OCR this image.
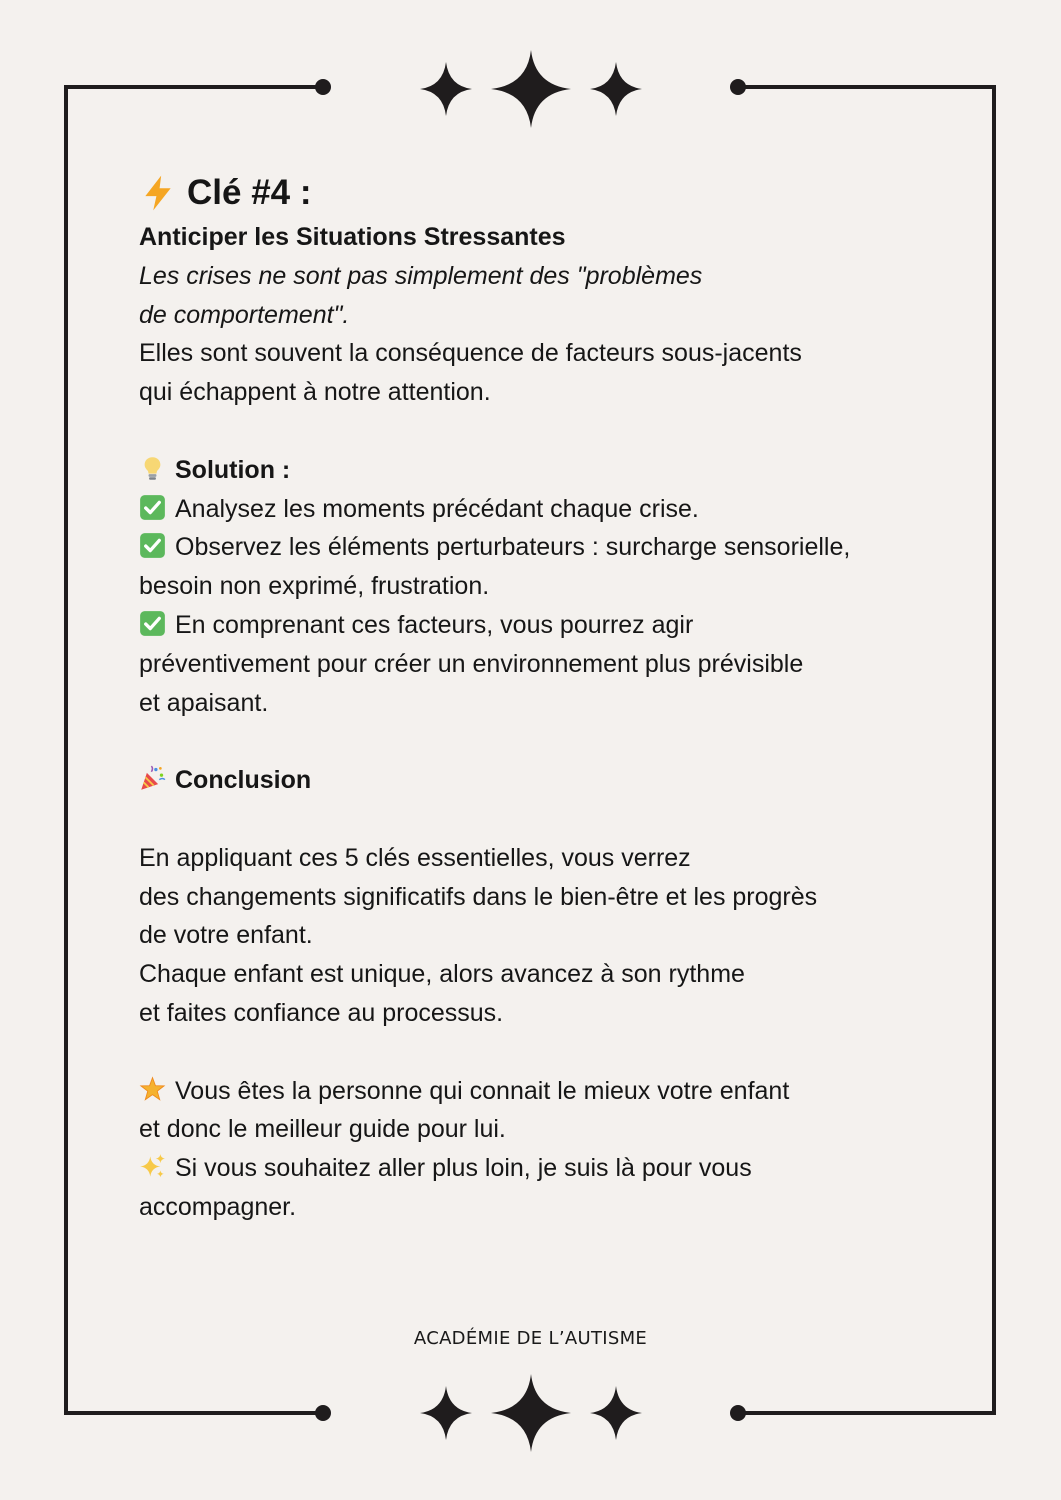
Clé #4 :

Anticiper les Situations Stressantes

Les crises ne sont pas simplement des "problèmes

de comportement".

Elles sont souvent la conséquence de facteurs sous-jacents

qui échappent à notre attention.

Solution :

Analysez les moments précédant chaque crise.

Observez les éléments perturbateurs : surcharge sensorielle,

besoin non exprimé, frustration.

En comprenant ces facteurs, vous pourrez agir

préventivement pour créer un environnement plus prévisible

et apaisant.

Conclusion

En appliquant ces 5 clés essentielles, vous verrez

des changements significatifs dans le bien-être et les progrès

de votre enfant.

Chaque enfant est unique, alors avancez à son rythme

et faites confiance au processus.

Vous êtes la personne qui connait le mieux votre enfant

et donc le meilleur guide pour lui.

Si vous souhaitez aller plus loin, je suis là pour vous

accompagner.

ACADÉMIE DE L’AUTISME
